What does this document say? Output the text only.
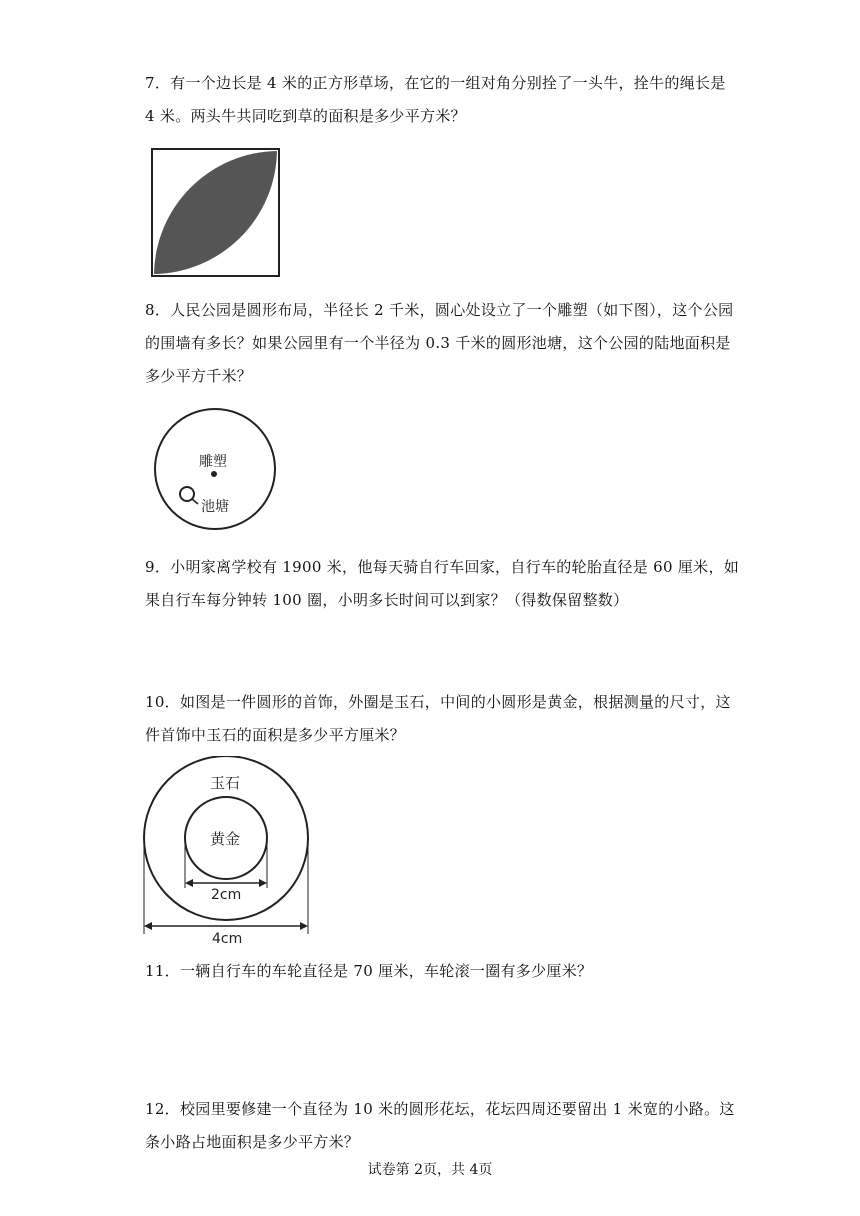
7．有一个边长是 4 米的正方形草场，在它的一组对角分别拴了一头牛，拴牛的绳长是
4 米。两头牛共同吃到草的面积是多少平方米？
8．人民公园是圆形布局，半径长 2 千米，圆心处设立了一个雕塑（如下图），这个公园
的围墙有多长？如果公园里有一个半径为 0.3 千米的圆形池塘，这个公园的陆地面积是
多少平方千米？
雕塑
池塘
9．小明家离学校有 1900 米，他每天骑自行车回家，自行车的轮胎直径是 60 厘米，如
果自行车每分钟转 100 圈，小明多长时间可以到家？（得数保留整数）
10．如图是一件圆形的首饰，外圈是玉石，中间的小圆形是黄金，根据测量的尺寸，这
件首饰中玉石的面积是多少平方厘米？
玉石
黄金
2cm
4cm
11．一辆自行车的车轮直径是 70 厘米，车轮滚一圈有多少厘米？
12．校园里要修建一个直径为 10 米的圆形花坛，花坛四周还要留出 1 米宽的小路。这
条小路占地面积是多少平方米？
试卷第 2页，共 4页
